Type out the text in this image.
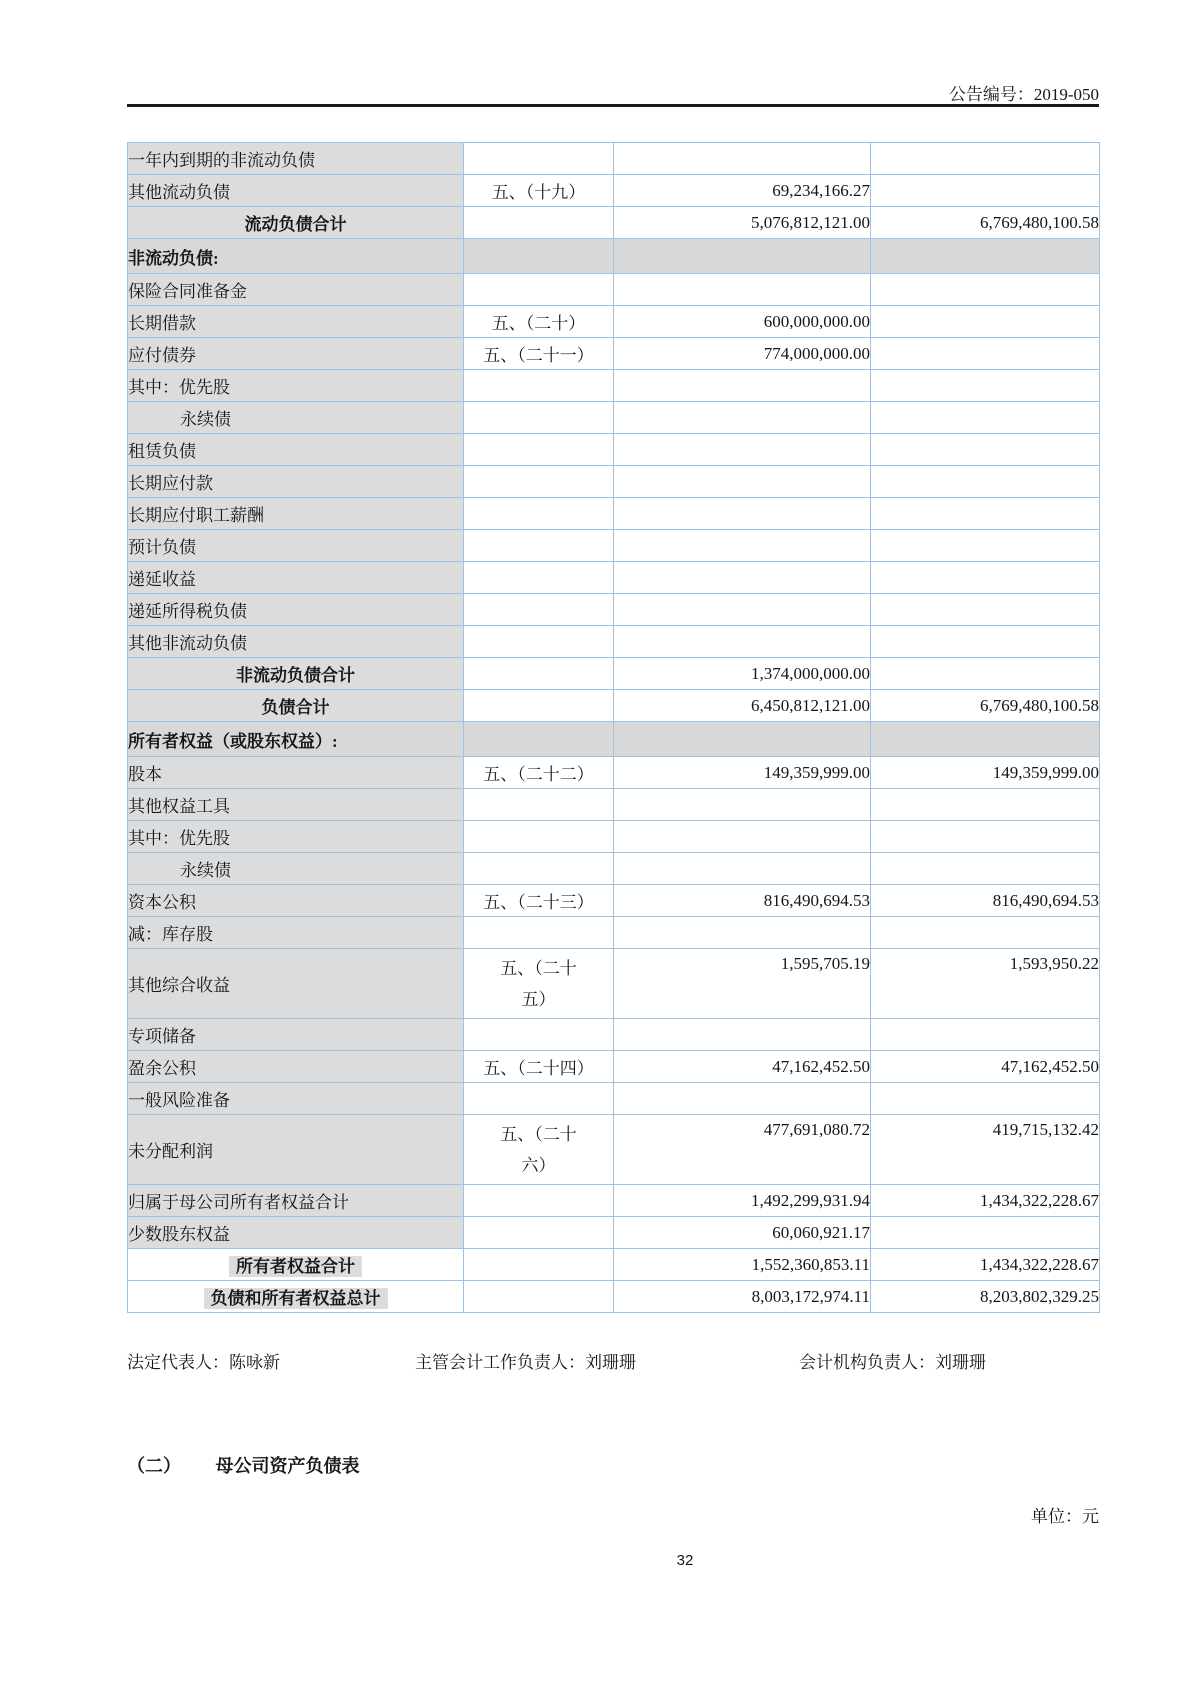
公告编号：2019-050
一年内到期的非流动负债			
其他流动负债	五、（十九）	69,234,166.27	
流动负债合计		5,076,812,121.00	6,769,480,100.58
非流动负债:			
保险合同准备金			
长期借款	五、（二十）	600,000,000.00	
应付债券	五、（二十一）	774,000,000.00	
其中：优先股			
永续债			
租赁负债			
长期应付款			
长期应付职工薪酬			
预计负债			
递延收益			
递延所得税负债			
其他非流动负债			
非流动负债合计		1,374,000,000.00	
负债合计		6,450,812,121.00	6,769,480,100.58
所有者权益（或股东权益）:			
股本	五、（二十二）	149,359,999.00	149,359,999.00
其他权益工具			
其中：优先股			
永续债			
资本公积	五、（二十三）	816,490,694.53	816,490,694.53
减：库存股			
其他综合收益	五、（二十五）	1,595,705.19	1,593,950.22
专项储备			
盈余公积	五、（二十四）	47,162,452.50	47,162,452.50
一般风险准备			
未分配利润	五、（二十六）	477,691,080.72	419,715,132.42
归属于母公司所有者权益合计		1,492,299,931.94	1,434,322,228.67
少数股东权益		60,060,921.17	
所有者权益合计		1,552,360,853.11	1,434,322,228.67
负债和所有者权益总计		8,003,172,974.11	8,203,802,329.25
法定代表人：陈咏新	主管会计工作负责人：刘珊珊	会计机构负责人：刘珊珊
（二） 母公司资产负债表
单位：元
32
